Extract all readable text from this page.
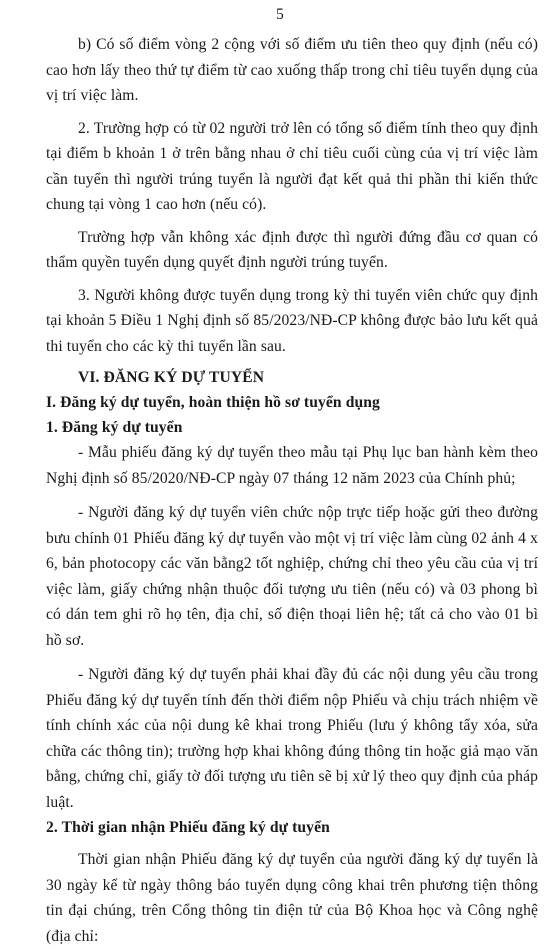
5

b) Có số điểm vòng 2 cộng với số điểm ưu tiên theo quy định (nếu có) cao hơn lấy theo thứ tự điểm từ cao xuống thấp trong chỉ tiêu tuyển dụng của vị trí việc làm.

2. Trường hợp có từ 02 người trở lên có tổng số điểm tính theo quy định tại điểm b khoản 1 ở trên bằng nhau ở chỉ tiêu cuối cùng của vị trí việc làm cần tuyển thì người trúng tuyển là người đạt kết quả thi phần thi kiến thức chung tại vòng 1 cao hơn (nếu có).

Trường hợp vẫn không xác định được thì người đứng đầu cơ quan có thẩm quyền tuyển dụng quyết định người trúng tuyển.

3. Người không được tuyển dụng trong kỳ thi tuyển viên chức quy định tại khoản 5 Điều 1 Nghị định số 85/2023/NĐ-CP không được bảo lưu kết quả thi tuyển cho các kỳ thi tuyển lần sau.

VI. ĐĂNG KÝ DỰ TUYỂN

I. Đăng ký dự tuyển, hoàn thiện hồ sơ tuyển dụng

1. Đăng ký dự tuyển

- Mẫu phiếu đăng ký dự tuyển theo mẫu tại Phụ lục ban hành kèm theo Nghị định số 85/2020/NĐ-CP ngày 07 tháng 12 năm 2023 của Chính phủ;

- Người đăng ký dự tuyển viên chức nộp trực tiếp hoặc gửi theo đường bưu chính 01 Phiếu đăng ký dự tuyển vào một vị trí việc làm cùng 02 ảnh 4 x 6, bản photocopy các văn bằng2 tốt nghiệp, chứng chỉ theo yêu cầu của vị trí việc làm, giấy chứng nhận thuộc đối tượng ưu tiên (nếu có) và 03 phong bì có dán tem ghi rõ họ tên, địa chỉ, số điện thoại liên hệ; tất cả cho vào 01 bì hồ sơ.

- Người đăng ký dự tuyển phải khai đầy đủ các nội dung yêu cầu trong Phiếu đăng ký dự tuyển tính đến thời điểm nộp Phiếu và chịu trách nhiệm về tính chính xác của nội dung kê khai trong Phiếu (lưu ý không tẩy xóa, sửa chữa các thông tin); trường hợp khai không đúng thông tin hoặc giả mạo văn bằng, chứng chỉ, giấy tờ đối tượng ưu tiên sẽ bị xử lý theo quy định của pháp luật.

2. Thời gian nhận Phiếu đăng ký dự tuyển

Thời gian nhận Phiếu đăng ký dự tuyển của người đăng ký dự tuyển là 30 ngày kể từ ngày thông báo tuyển dụng công khai trên phương tiện thông tin đại chúng, trên Cổng thông tin điện tử của Bộ Khoa học và Công nghệ (địa chỉ:
